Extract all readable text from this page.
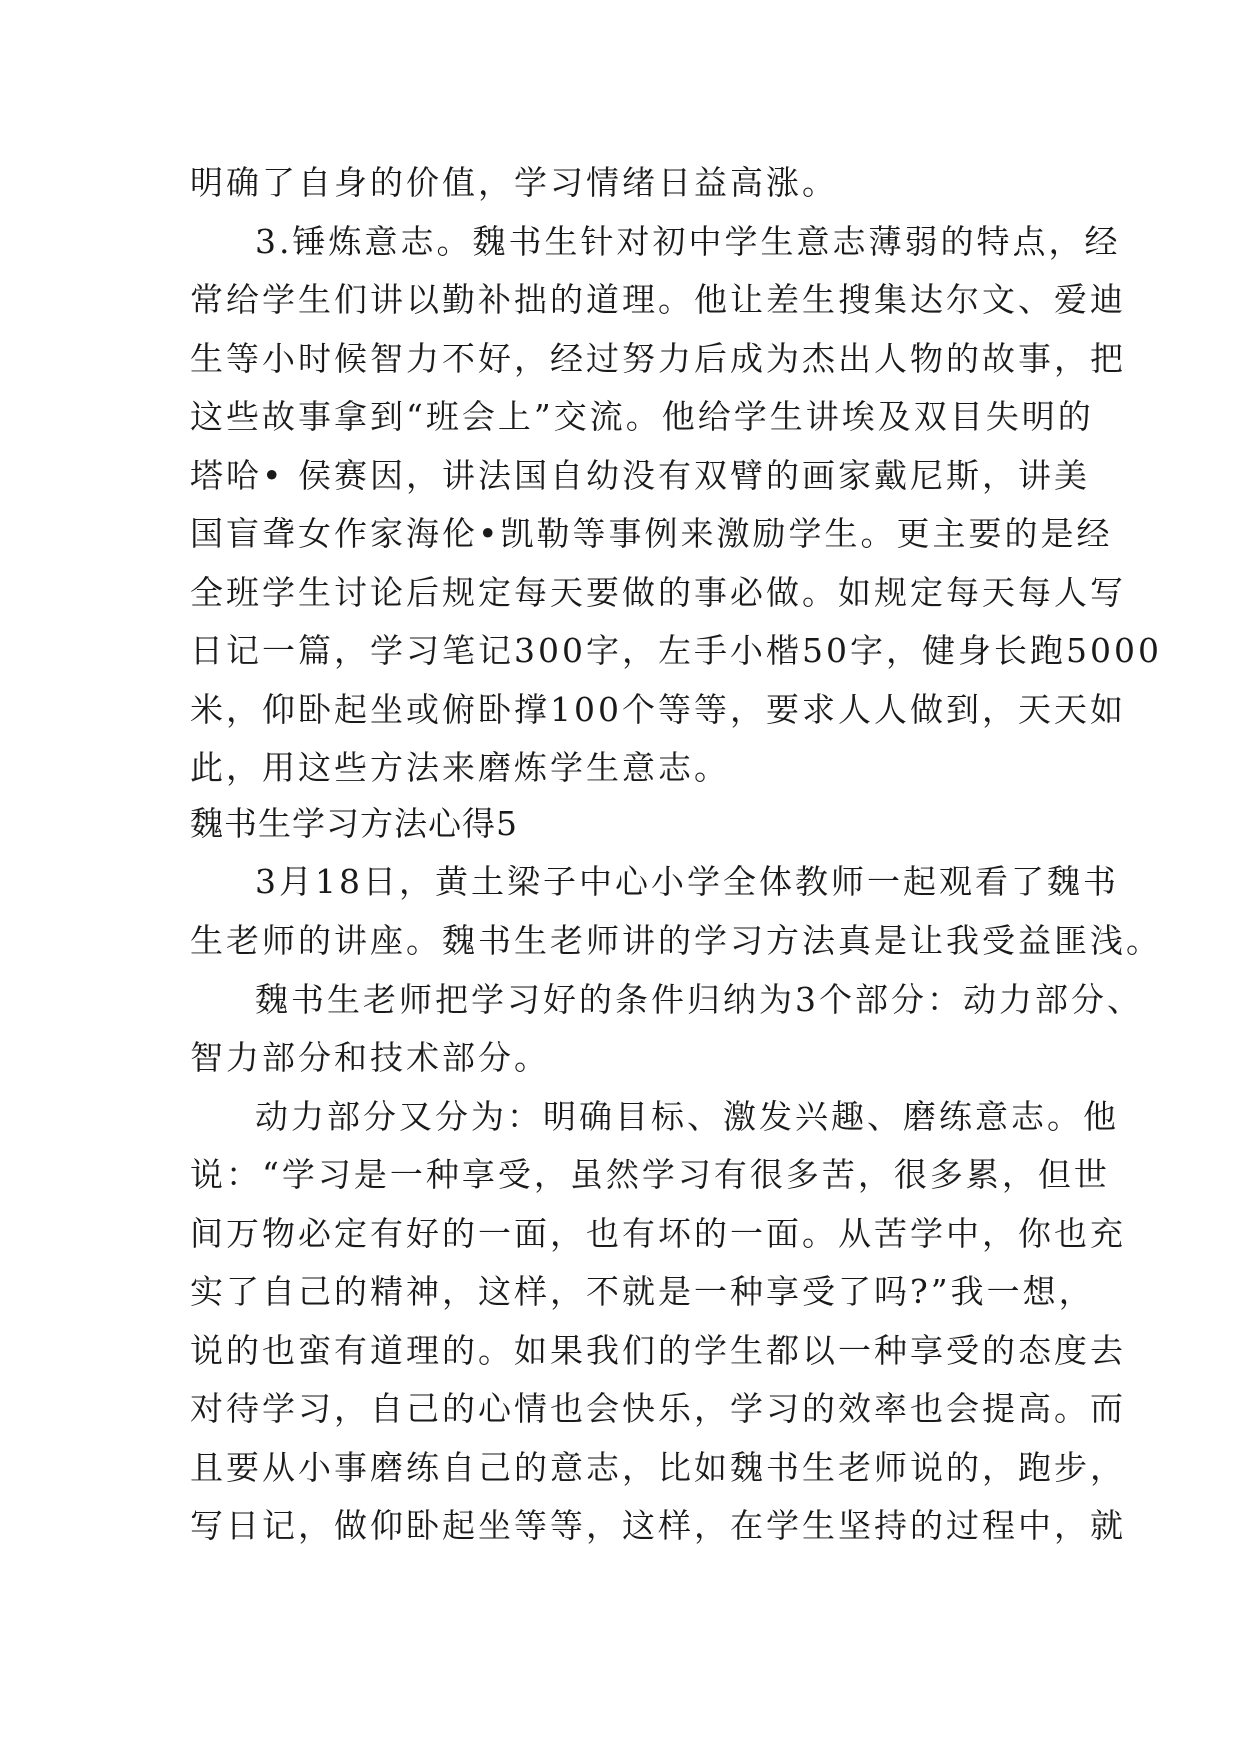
明确了自身的价值，学习情绪日益高涨。
3.锤炼意志。魏书生针对初中学生意志薄弱的特点，经
常给学生们讲以勤补拙的道理。他让差生搜集达尔文、爱迪
生等小时候智力不好，经过努力后成为杰出人物的故事，把
这些故事拿到“班会上”交流。他给学生讲埃及双目失明的
塔哈• 侯赛因，讲法国自幼没有双臂的画家戴尼斯，讲美
国盲聋女作家海伦•凯勒等事例来激励学生。更主要的是经
全班学生讨论后规定每天要做的事必做。如规定每天每人写
日记一篇，学习笔记300字，左手小楷50字，健身长跑5000
米，仰卧起坐或俯卧撑100个等等，要求人人做到，天天如
此，用这些方法来磨炼学生意志。
魏书生学习方法心得5
3月18日，黄土梁子中心小学全体教师一起观看了魏书
生老师的讲座。魏书生老师讲的学习方法真是让我受益匪浅。
魏书生老师把学习好的条件归纳为3个部分：动力部分、
智力部分和技术部分。
动力部分又分为：明确目标、激发兴趣、磨练意志。他
说：“学习是一种享受，虽然学习有很多苦，很多累，但世
间万物必定有好的一面，也有坏的一面。从苦学中，你也充
实了自己的精神，这样，不就是一种享受了吗?”我一想，
说的也蛮有道理的。如果我们的学生都以一种享受的态度去
对待学习，自己的心情也会快乐，学习的效率也会提高。而
且要从小事磨练自己的意志，比如魏书生老师说的，跑步，
写日记，做仰卧起坐等等，这样，在学生坚持的过程中，就
